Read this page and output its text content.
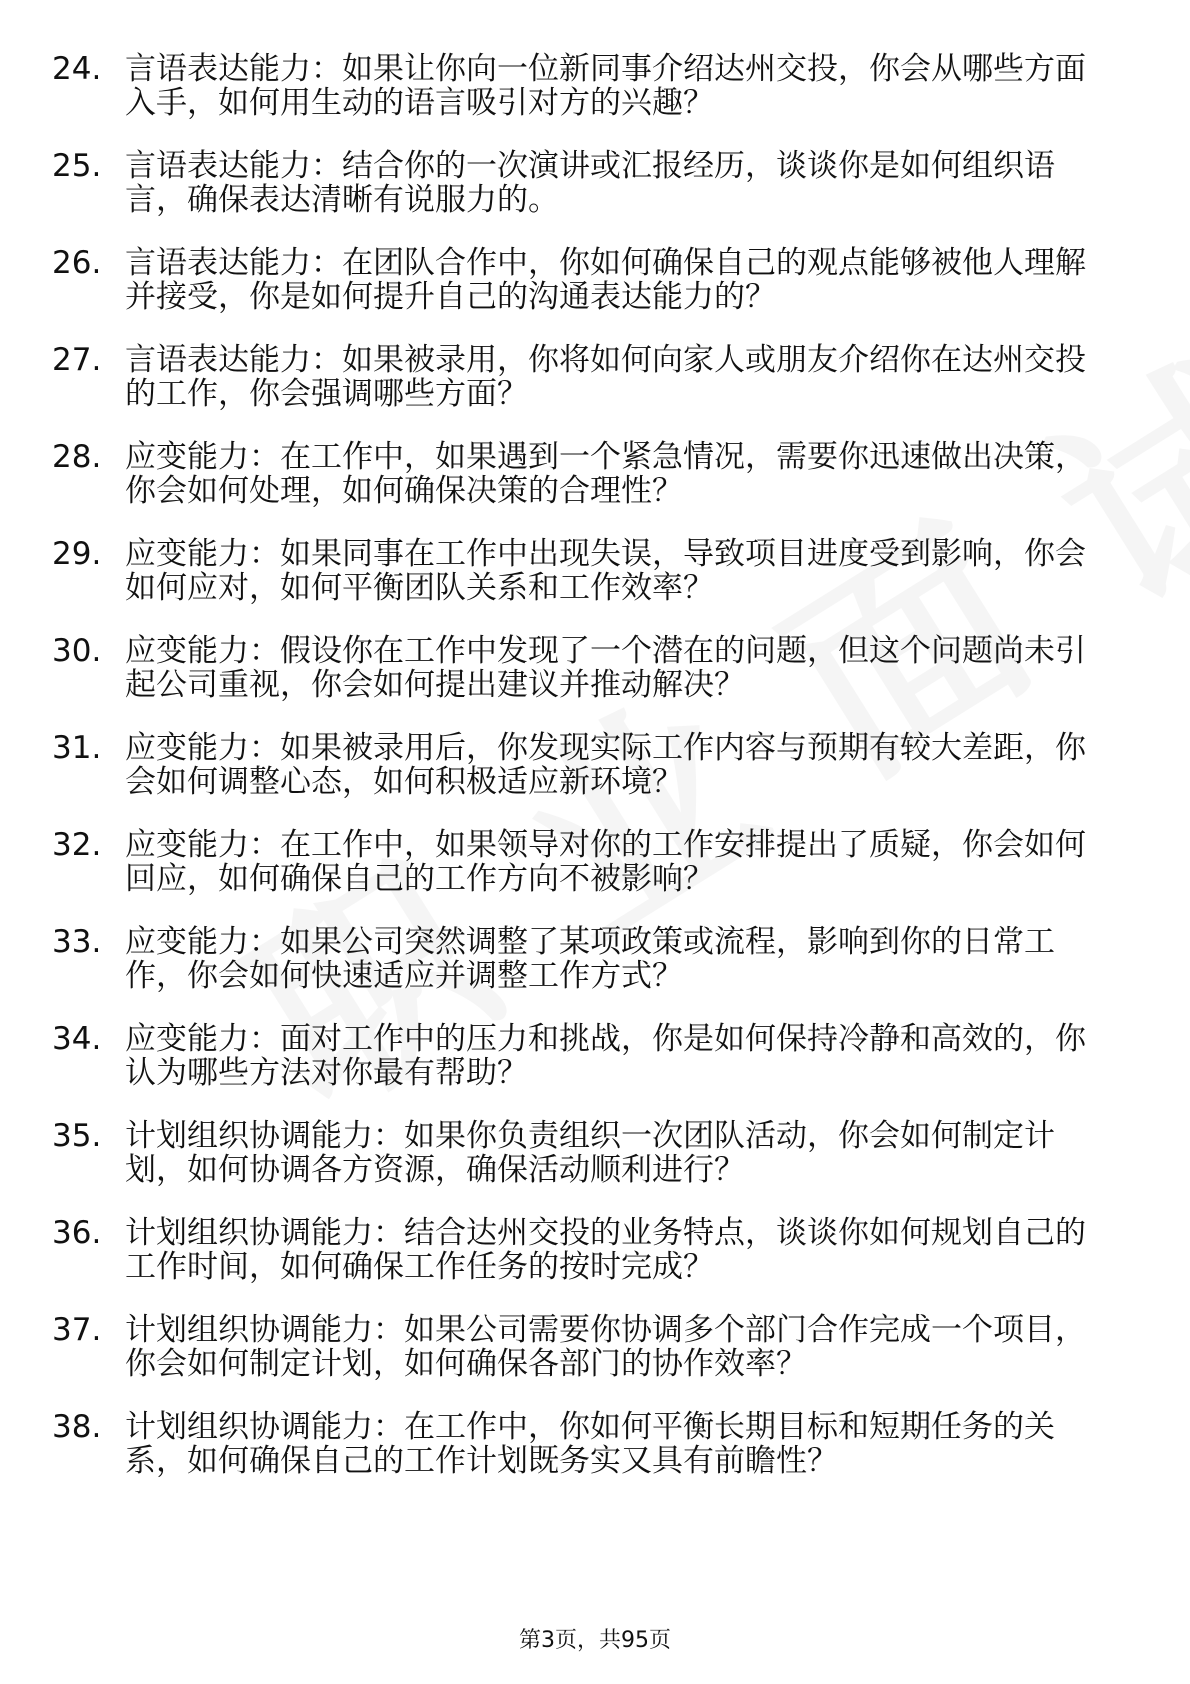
24. 言语表达能力：如果让你向一位新同事介绍达州交投，你会从哪些方面入手，如何用生动的语言吸引对方的兴趣？
25. 言语表达能力：结合你的一次演讲或汇报经历，谈谈你是如何组织语言，确保表达清晰有说服力的。
26. 言语表达能力：在团队合作中，你如何确保自己的观点能够被他人理解并接受，你是如何提升自己的沟通表达能力的？
27. 言语表达能力：如果被录用，你将如何向家人或朋友介绍你在达州交投的工作，你会强调哪些方面？
28. 应变能力：在工作中，如果遇到一个紧急情况，需要你迅速做出决策，你会如何处理，如何确保决策的合理性？
29. 应变能力：如果同事在工作中出现失误，导致项目进度受到影响，你会如何应对，如何平衡团队关系和工作效率？
30. 应变能力：假设你在工作中发现了一个潜在的问题，但这个问题尚未引起公司重视，你会如何提出建议并推动解决？
31. 应变能力：如果被录用后，你发现实际工作内容与预期有较大差距，你会如何调整心态，如何积极适应新环境？
32. 应变能力：在工作中，如果领导对你的工作安排提出了质疑，你会如何回应，如何确保自己的工作方向不被影响？
33. 应变能力：如果公司突然调整了某项政策或流程，影响到你的日常工作，你会如何快速适应并调整工作方式？
34. 应变能力：面对工作中的压力和挑战，你是如何保持冷静和高效的，你认为哪些方法对你最有帮助？
35. 计划组织协调能力：如果你负责组织一次团队活动，你会如何制定计划，如何协调各方资源，确保活动顺利进行？
36. 计划组织协调能力：结合达州交投的业务特点，谈谈你如何规划自己的工作时间，如何确保工作任务的按时完成？
37. 计划组织协调能力：如果公司需要你协调多个部门合作完成一个项目，你会如何制定计划，如何确保各部门的协作效率？
38. 计划组织协调能力：在工作中，你如何平衡长期目标和短期任务的关系，如何确保自己的工作计划既务实又具有前瞻性？
第3页，共95页
